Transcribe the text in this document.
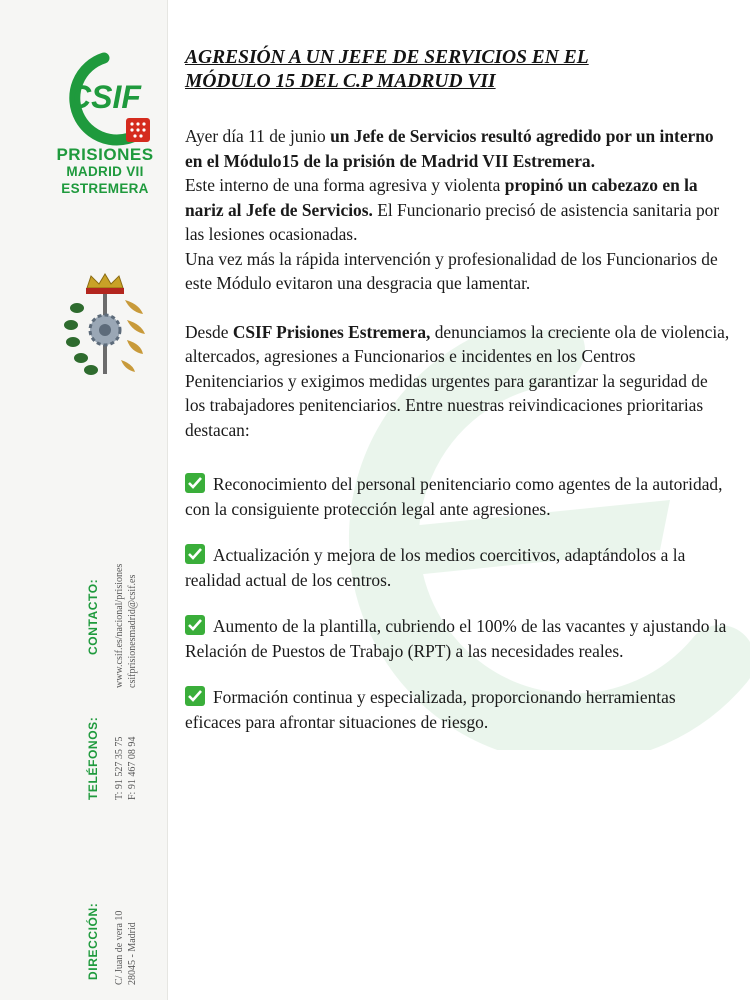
CSIF
PRISIONES
MADRID VII
ESTREMERA
CONTACTO: www.csif.es/nacional/prisiones csifprisionesmadrid@csif.es
TELÉFONOS: T: 91 527 35 75 F: 91 467 08 94
DIRECCIÓN: C/ Juan de vera 10 28045 - Madrid
AGRESIÓN A UN JEFE DE SERVICIOS EN EL
MÓDULO 15 DEL C.P MADRUD VII

Ayer día 11 de junio un Jefe de Servicios resultó agredido por un interno en el Módulo15 de la prisión de Madrid VII Estremera.

Este interno de una forma agresiva y violenta propinó un cabezazo en la nariz al Jefe de Servicios. El Funcionario precisó de asistencia sanitaria por las lesiones ocasionadas.

Una vez más la rápida intervención y profesionalidad de los Funcionarios de este Módulo evitaron una desgracia que lamentar.

Desde CSIF Prisiones Estremera, denunciamos la creciente ola de violencia, altercados, agresiones a Funcionarios e incidentes en los Centros Penitenciarios y exigimos medidas urgentes para garantizar la seguridad de los trabajadores penitenciarios. Entre nuestras reivindicaciones prioritarias destacan:

Reconocimiento del personal penitenciario como agentes de la autoridad, con la consiguiente protección legal ante agresiones.

Actualización y mejora de los medios coercitivos, adaptándolos a la realidad actual de los centros.

Aumento de la plantilla, cubriendo el 100% de las vacantes y ajustando la Relación de Puestos de Trabajo (RPT) a las necesidades reales.

Formación continua y especializada, proporcionando herramientas eficaces para afrontar situaciones de riesgo.
